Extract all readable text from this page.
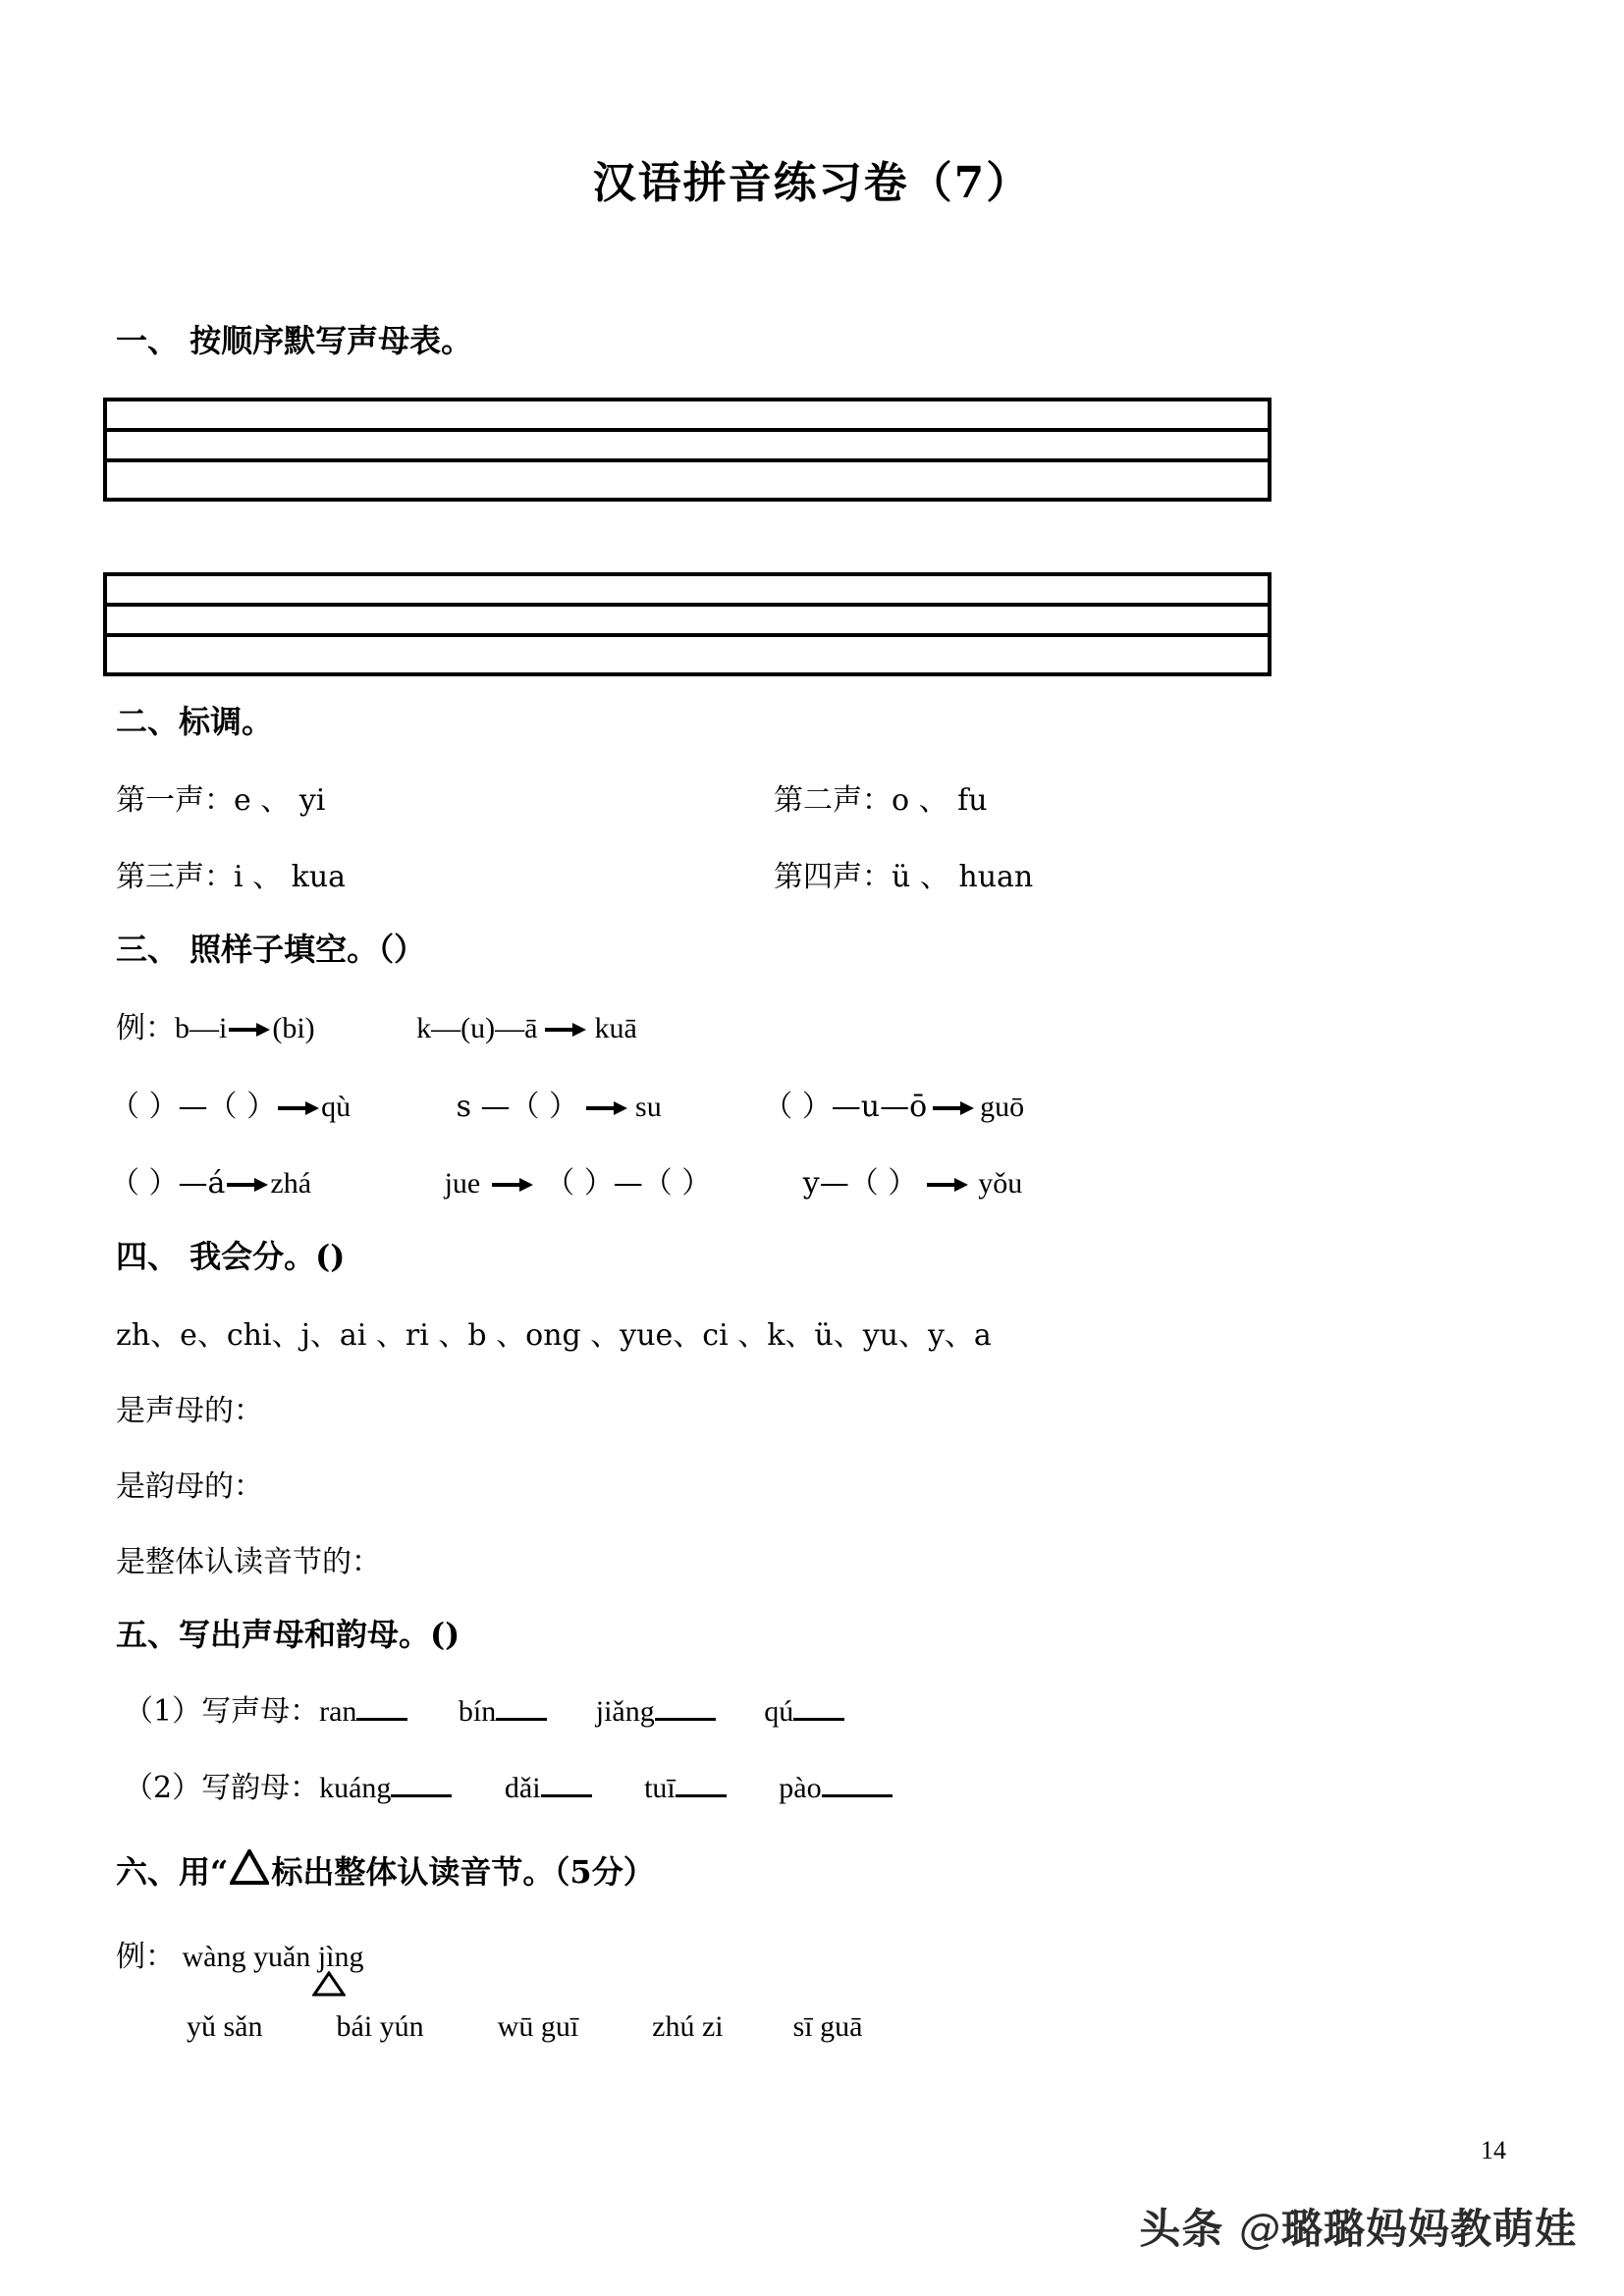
汉语拼音练习卷（7）
一、 按顺序默写声母表。
二、标调。
第一声：e 、 yi	第二声：o 、 fu
第三声：i 、 kua	第四声：ü 、 huan
三、 照样子填空。（）
例：b—i (bi)	k—(u)—ā kuā
（ ）—（ ） qù	s —（ ） su	（ ）—u—ō guō
（ ）—á zhá	jue （ ）—（ ）	y—（ ） yǒu
四、 我会分。()
zh、e、chi、j、ai 、ri 、b 、ong 、yue、ci 、k、ü、yu、y、a
是声母的：
是韵母的：
是整体认读音节的：
五、写出声母和韵母。()
（1）写声母：ran	bín	jiǎng	qú
（2）写韵母：kuáng	dǎi	tuī	pào
六、用“ 标出整体认读音节。（5分）
例： wàng yuǎn jìng
yǔ sǎn	bái yún	wū guī	zhú zi sī guā
14
头条 @璐璐妈妈教萌娃
